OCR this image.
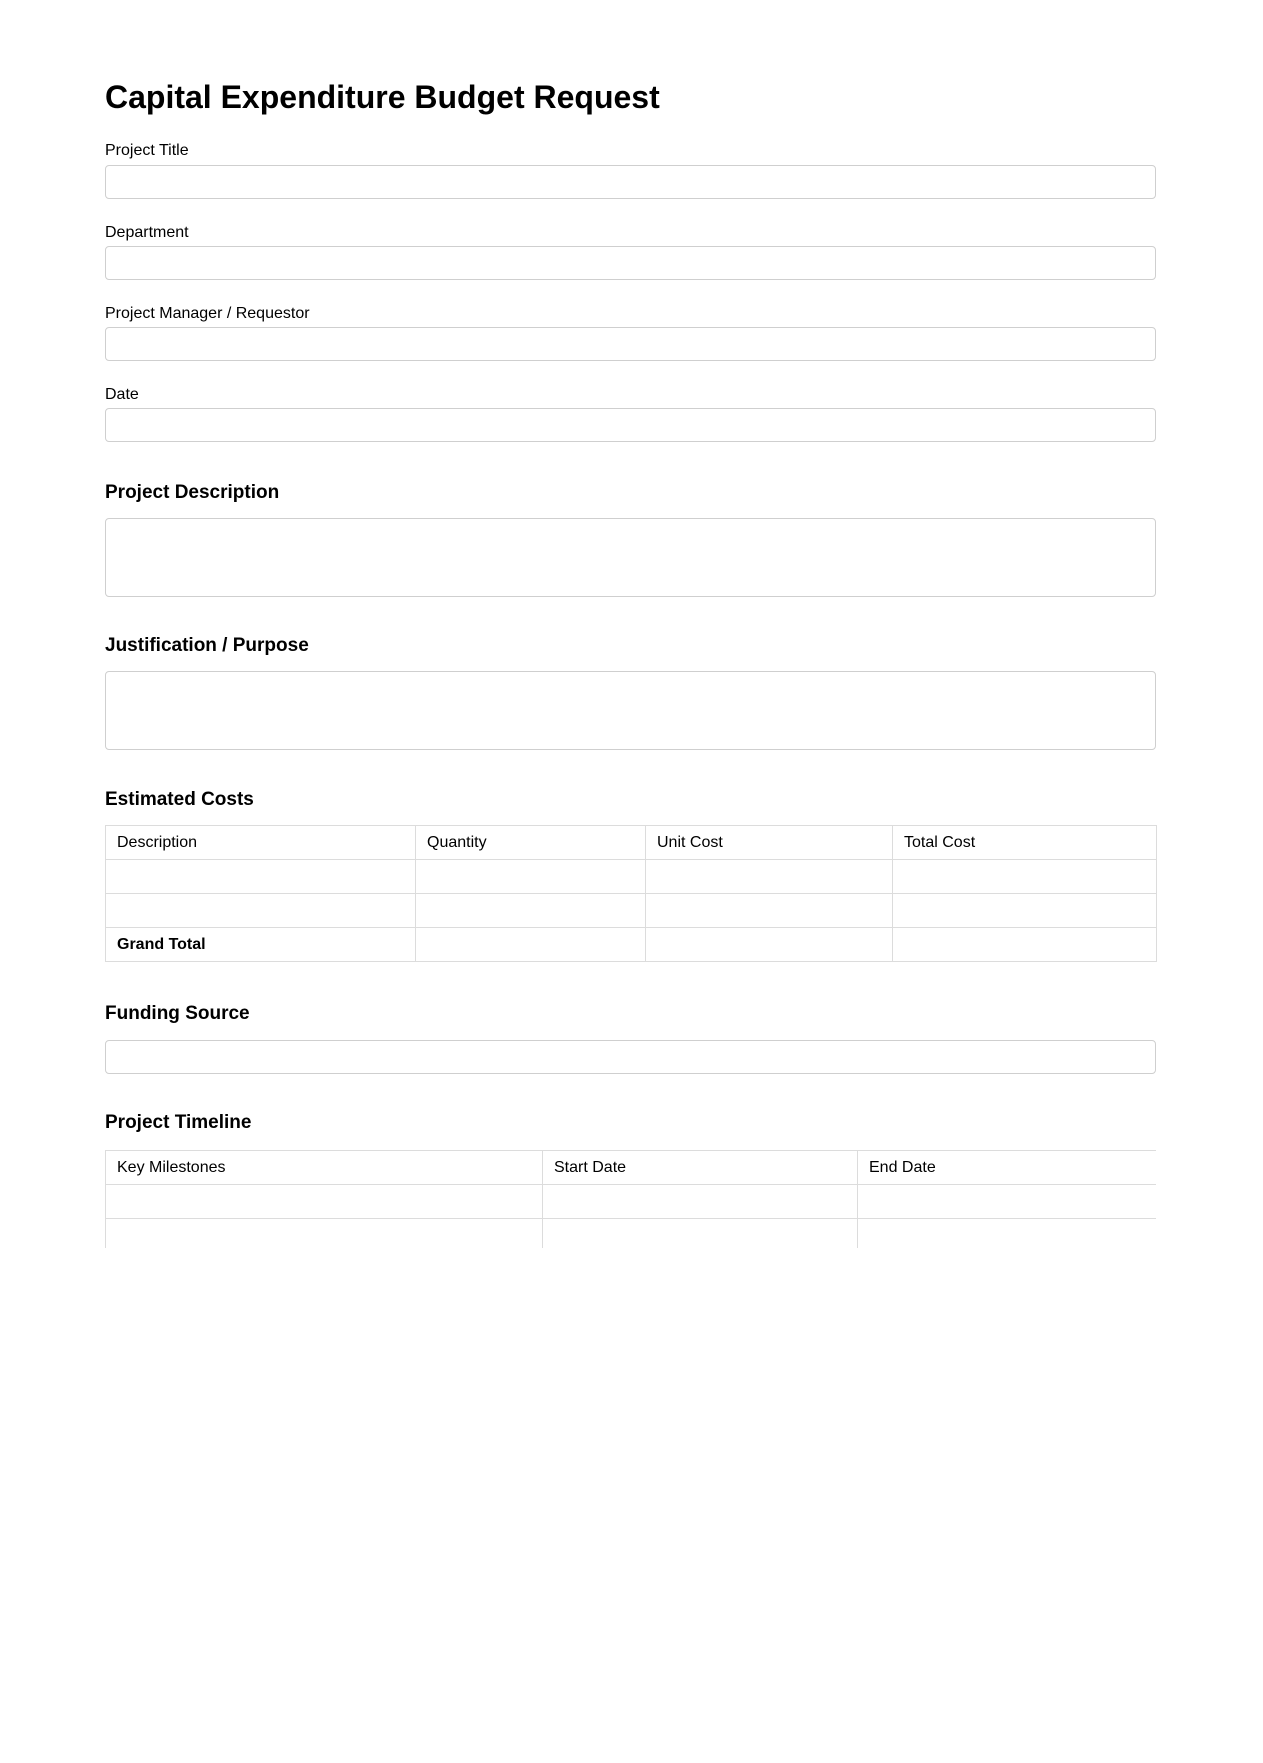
Capital Expenditure Budget Request
Project Title
Department
Project Manager / Requestor
Date
Project Description
Justification / Purpose
Estimated Costs
Description	Quantity	Unit Cost	Total Cost

Grand Total			
Funding Source
Project Timeline
Key Milestones	Start Date	End Date
